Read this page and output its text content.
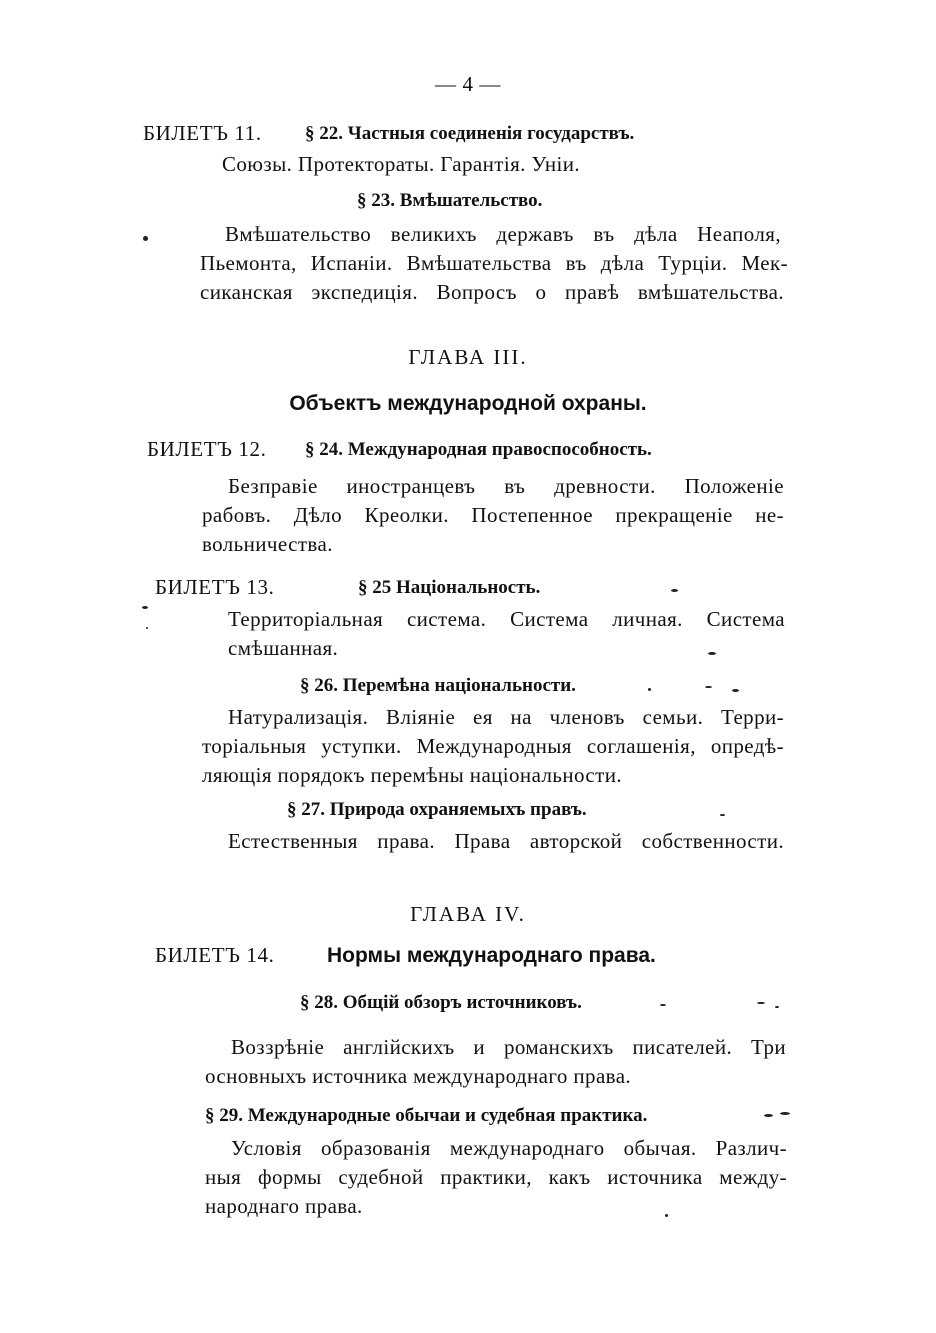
— 4 —
БИЛЕТЪ 11. § 22. Частныя соединенія государствъ.
Союзы. Протектораты. Гарантія. Уніи.
§ 23. Вмѣшательство.
Вмѣшательство великихъ державъ въ дѣла Неаполя,
Пьемонта, Испаніи. Вмѣшательства въ дѣла Турціи. Мек-
сиканская экспедиція. Вопросъ о правѣ вмѣшательства.
ГЛАВА III.
Объектъ международной охраны.
БИЛЕТЪ 12. § 24. Международная правоспособность.
Безправіе иностранцевъ въ древности. Положеніе
рабовъ. Дѣло Креолки. Постепенное прекращеніе не-
вольничества.
БИЛЕТЪ 13.	§ 25 Національность.
Территоріальная система. Система личная. Система
смѣшанная.
§ 26. Перемѣна національности.
Натурализація. Вліяніе ея на членовъ семьи. Терри-
торіальныя уступки. Международныя соглашенія, опредѣ-
ляющія порядокъ перемѣны національности.
§ 27. Природа охраняемыхъ правъ.
Естественныя права. Права авторской собственности.
ГЛАВА IV.
БИЛЕТЪ 14.	Нормы международнаго права.
§ 28. Общій обзоръ источниковъ.
Воззрѣніе англійскихъ и романскихъ писателей. Три
основныхъ источника международнаго права.
§ 29. Международные обычаи и судебная практика.
Условія образованія международнаго обычая. Различ-
ныя формы судебной практики, какъ источника между-
народнаго права.
